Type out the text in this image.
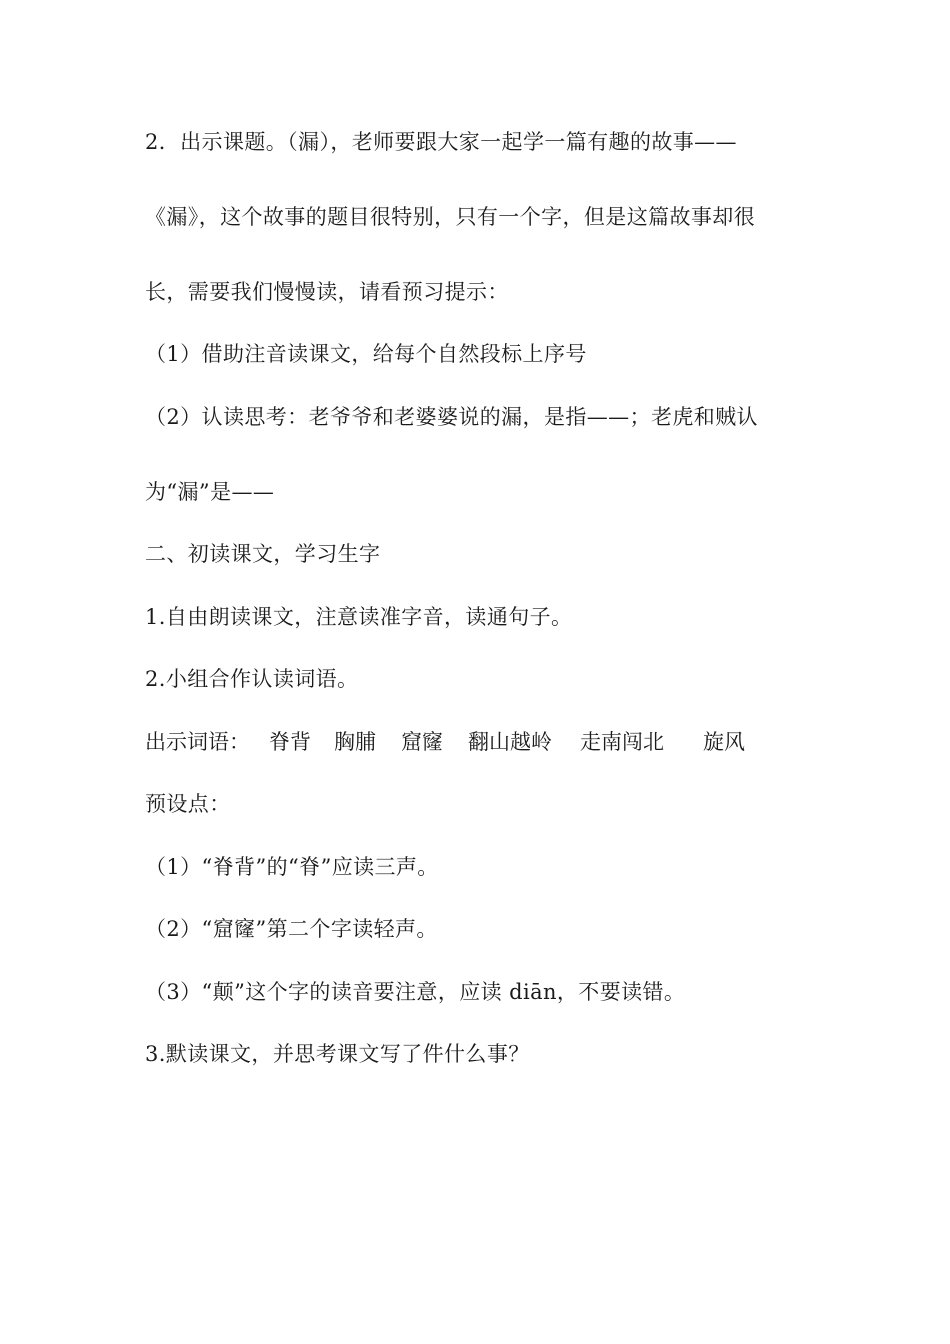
2．出示课题。（漏），老师要跟大家一起学一篇有趣的故事——
《漏》，这个故事的题目很特别，只有一个字，但是这篇故事却很
长，需要我们慢慢读，请看预习提示：
（1）借助注音读课文，给每个自然段标上序号
（2）认读思考：老爷爷和老婆婆说的漏，是指——；老虎和贼认
为“漏”是——
二、初读课文，学习生字
1.自由朗读课文，注意读准字音，读通句子。
2.小组合作认读词语。
出示词语： 脊背 胸脯 窟窿 翻山越岭 走南闯北 旋风
预设点：
（1）“脊背”的“脊”应读三声。
（2）“窟窿”第二个字读轻声。
（3）“颠”这个字的读音要注意，应读 diān，不要读错。
3.默读课文，并思考课文写了件什么事？
